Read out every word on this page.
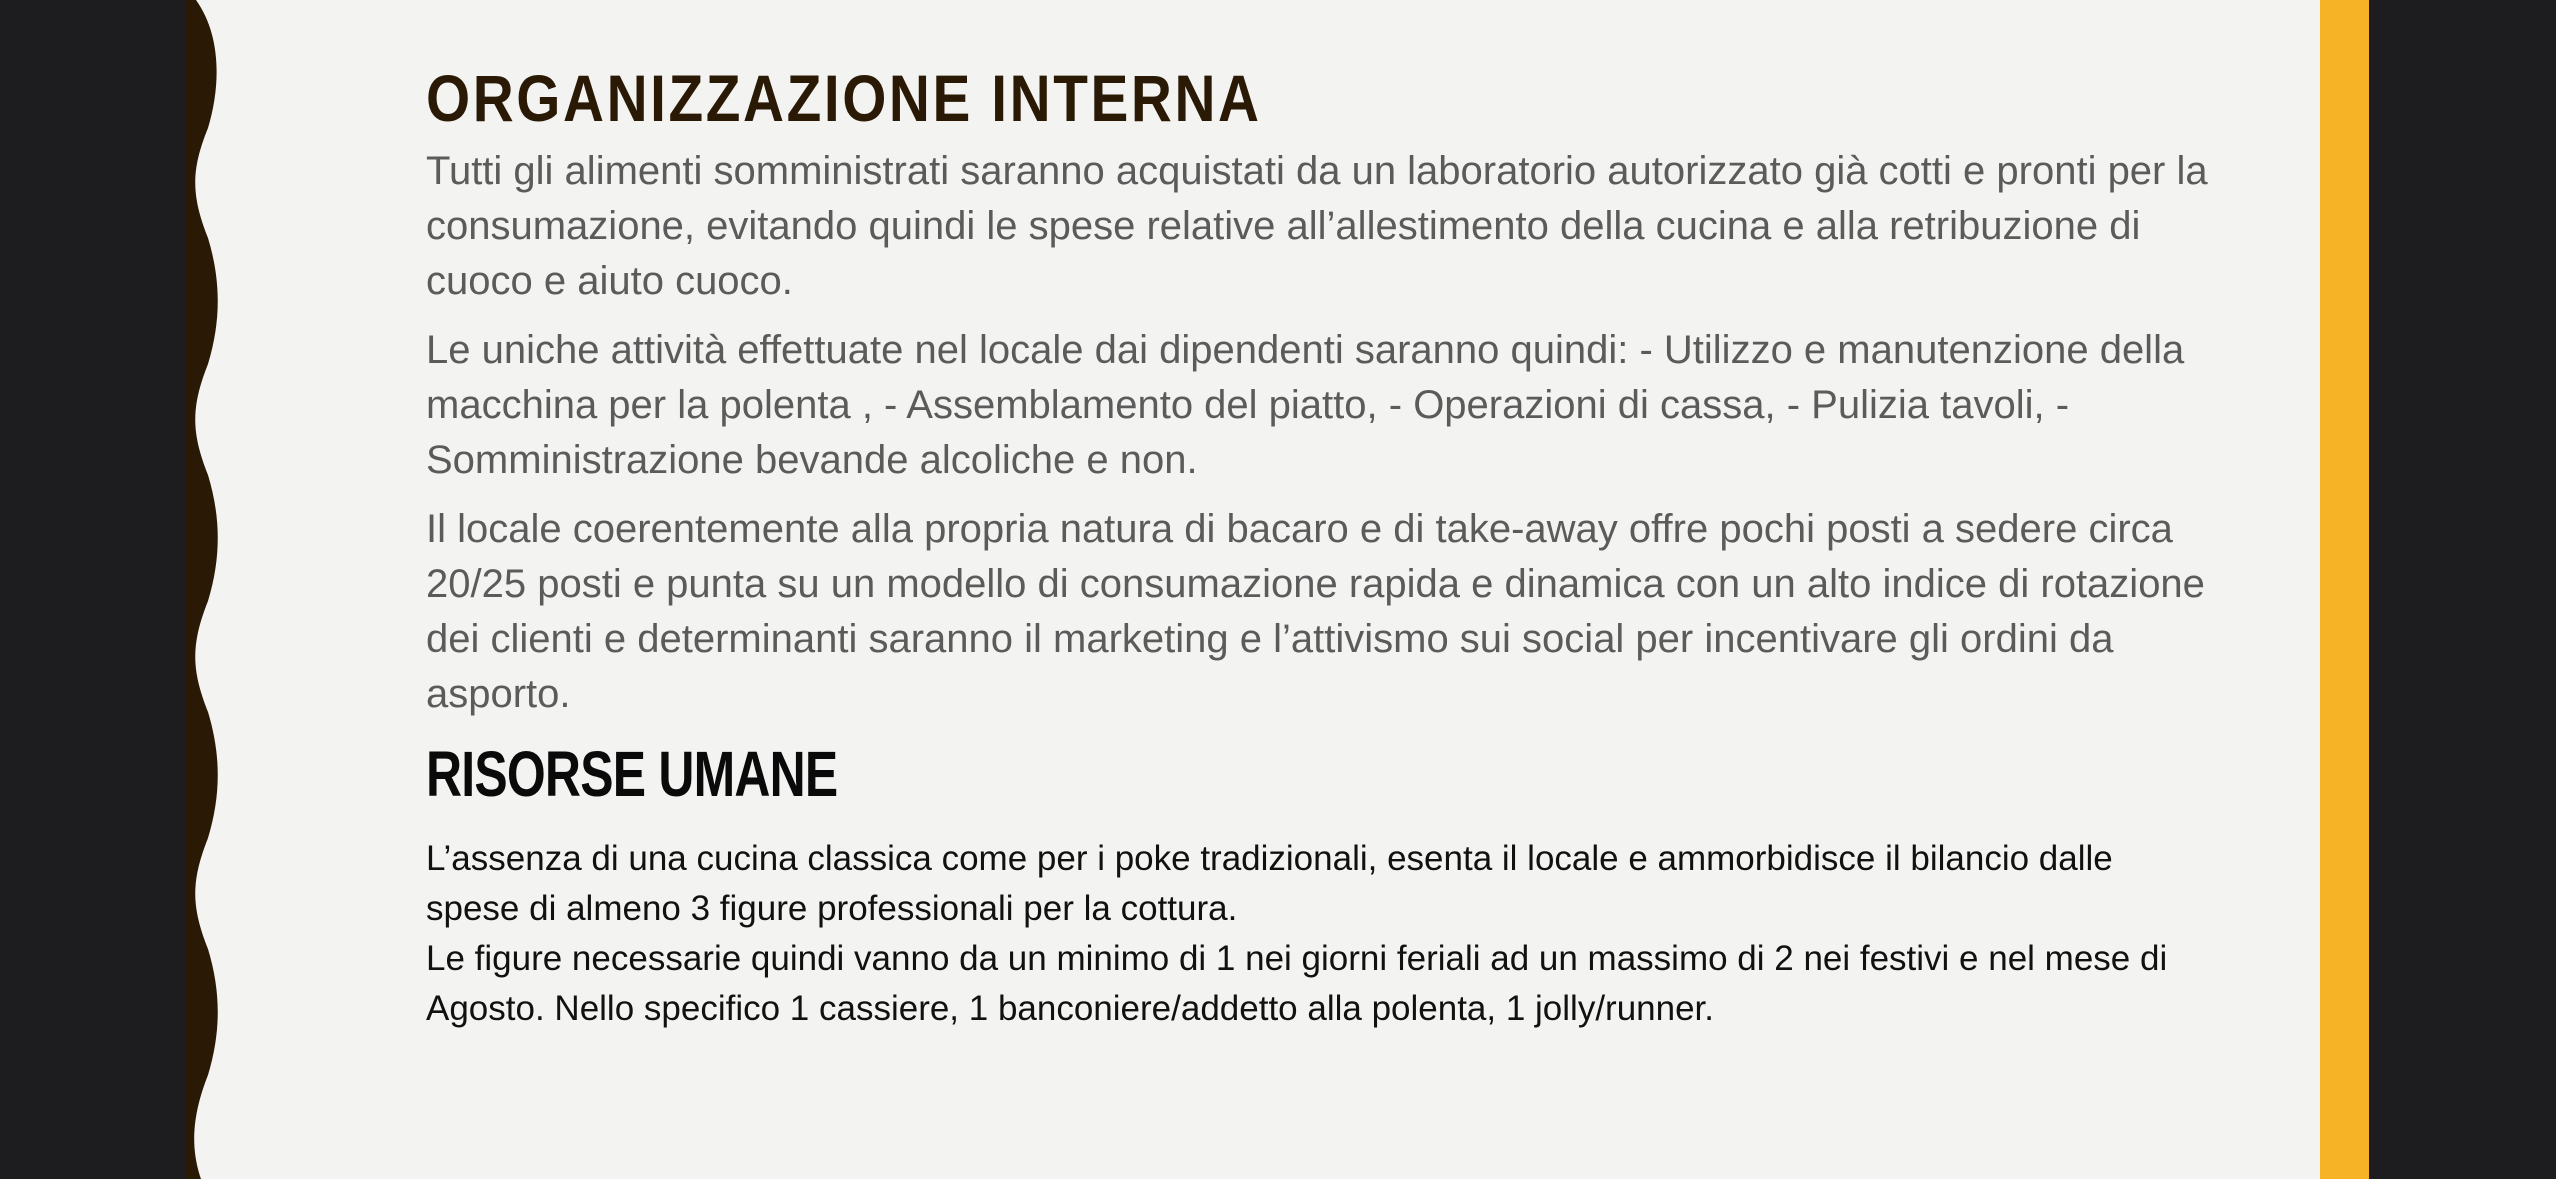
ORGANIZZAZIONE INTERNA

Tutti gli alimenti somministrati saranno acquistati da un laboratorio autorizzato già cotti e pronti per la consumazione, evitando quindi le spese relative all’allestimento della cucina e alla retribuzione di cuoco e aiuto cuoco.

Le uniche attività effettuate nel locale dai dipendenti saranno quindi: - Utilizzo e manutenzione della macchina per la polenta , - Assemblamento del piatto, - Operazioni di cassa, - Pulizia tavoli, - Somministrazione bevande alcoliche e non.

Il locale coerentemente alla propria natura di bacaro e di take-away offre pochi posti a sedere circa 20/25 posti e punta su un modello di consumazione rapida e dinamica con un alto indice di rotazione dei clienti e determinanti saranno il marketing e l’attivismo sui social per incentivare gli ordini da asporto.

RISORSE UMANE

L’assenza di una cucina classica come per i poke tradizionali, esenta il locale e ammorbidisce il bilancio dalle spese di almeno 3 figure professionali per la cottura.

Le figure necessarie quindi vanno da un minimo di 1 nei giorni feriali ad un massimo di 2 nei festivi e nel mese di Agosto. Nello specifico 1 cassiere, 1 banconiere/addetto alla polenta, 1 jolly/runner.
